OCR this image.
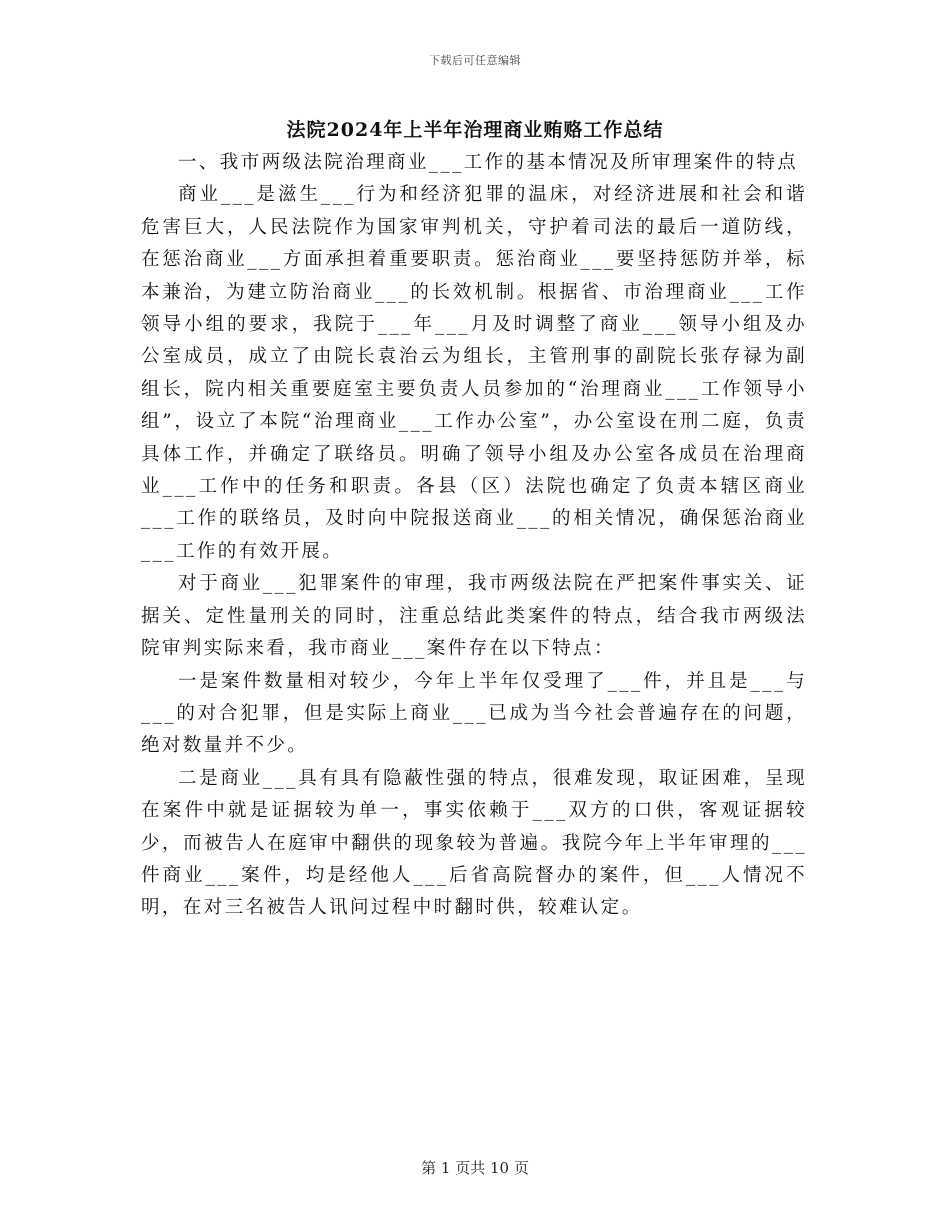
下载后可任意编辑
法院2024年上半年治理商业贿赂工作总结

一、我市两级法院治理商业___工作的基本情况及所审理案件的特点

商业___是滋生___行为和经济犯罪的温床，对经济进展和社会和谐危害巨大，人民法院作为国家审判机关，守护着司法的最后一道防线，在惩治商业___方面承担着重要职责。惩治商业___要坚持惩防并举，标本兼治，为建立防治商业___的长效机制。根据省、市治理商业___工作领导小组的要求，我院于___年___月及时调整了商业___领导小组及办公室成员，成立了由院长袁治云为组长，主管刑事的副院长张存禄为副组长，院内相关重要庭室主要负责人员参加的“治理商业___工作领导小组”，设立了本院“治理商业___工作办公室”，办公室设在刑二庭，负责具体工作，并确定了联络员。明确了领导小组及办公室各成员在治理商业___工作中的任务和职责。各县（区）法院也确定了负责本辖区商业___工作的联络员，及时向中院报送商业___的相关情况，确保惩治商业___工作的有效开展。

对于商业___犯罪案件的审理，我市两级法院在严把案件事实关、证据关、定性量刑关的同时，注重总结此类案件的特点，结合我市两级法院审判实际来看，我市商业___案件存在以下特点：

一是案件数量相对较少，今年上半年仅受理了___件，并且是___与___的对合犯罪，但是实际上商业___已成为当今社会普遍存在的问题，绝对数量并不少。

二是商业___具有具有隐蔽性强的特点，很难发现，取证困难，呈现在案件中就是证据较为单一，事实依赖于___双方的口供，客观证据较少，而被告人在庭审中翻供的现象较为普遍。我院今年上半年审理的___件商业___案件，均是经他人___后省高院督办的案件，但___人情况不明，在对三名被告人讯问过程中时翻时供，较难认定。

第 1 页共 10 页
